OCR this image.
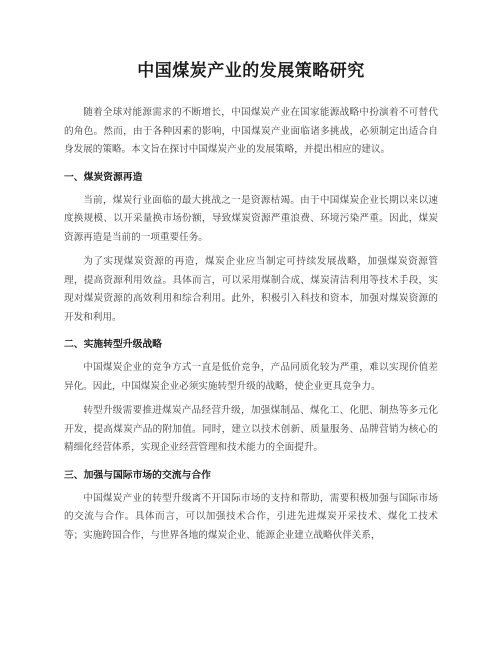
中国煤炭产业的发展策略研究

随着全球对能源需求的不断增长，中国煤炭产业在国家能源战略中扮演着不可替代的角色。然而，由于各种因素的影响，中国煤炭产业面临诸多挑战，必须制定出适合自身发展的策略。本文旨在探讨中国煤炭产业的发展策略，并提出相应的建议。

一、煤炭资源再造

当前，煤炭行业面临的最大挑战之一是资源枯竭。由于中国煤炭企业长期以来以速度换规模、以开采量换市场份额，导致煤炭资源严重浪费、环境污染严重。因此，煤炭资源再造是当前的一项重要任务。

为了实现煤炭资源的再造，煤炭企业应当制定可持续发展战略，加强煤炭资源管理，提高资源利用效益。具体而言，可以采用煤制合成、煤炭清洁利用等技术手段，实现对煤炭资源的高效利用和综合利用。此外，积极引入科技和资本，加强对煤炭资源的开发和利用。

二、实施转型升级战略

中国煤炭企业的竞争方式一直是低价竞争，产品同质化较为严重，难以实现价值差异化。因此，中国煤炭企业必须实施转型升级的战略，使企业更具竞争力。

转型升级需要推进煤炭产品经营升级，加强煤制品、煤化工、化肥、制热等多元化开发，提高煤炭产品的附加值。同时，建立以技术创新、质量服务、品牌营销为核心的精细化经营体系，实现企业经营管理和技术能力的全面提升。

三、加强与国际市场的交流与合作

中国煤炭产业的转型升级离不开国际市场的支持和帮助，需要积极加强与国际市场的交流与合作。具体而言，可以加强技术合作，引进先进煤炭开采技术、煤化工技术等；实施跨国合作，与世界各地的煤炭企业、能源企业建立战略伙伴关系，
